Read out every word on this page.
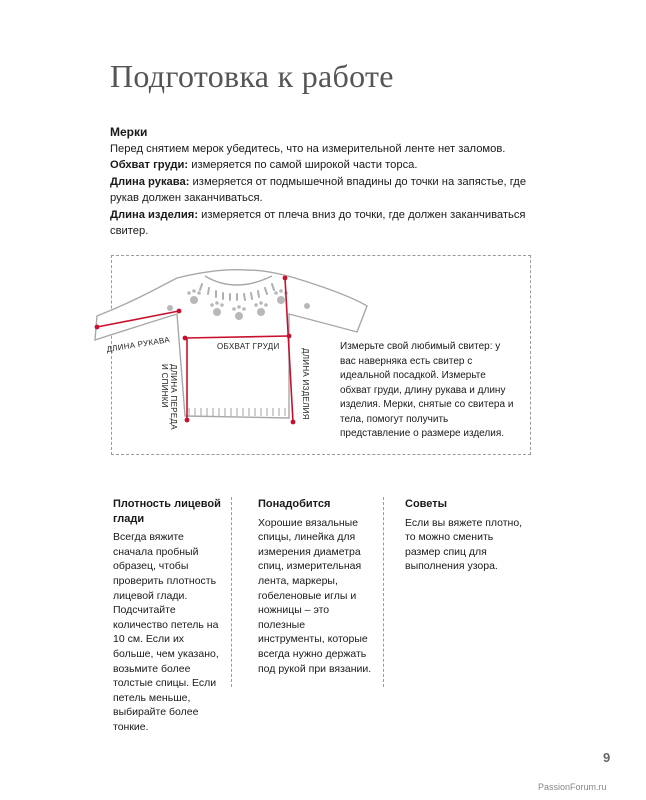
Подготовка к работе
Мерки
Перед снятием мерок убедитесь, что на измерительной ленте нет заломов.
Обхват груди: измеряется по самой широкой части торса.
Длина рукава: измеряется от подмышечной впадины до точки на запястье, где рукав должен заканчиваться.
Длина изделия: измеряется от плеча вниз до точки, где должен заканчиваться свитер.
ДЛИНА РУКАВА	ОБХВАТ ГРУДИ
ДЛИНА ПЕРЕДА
И СПИНКИ	ДЛИНА ИЗДЕЛИЯ
Измерьте свой любимый свитер: у вас наверняка есть свитер с идеальной посадкой. Измерьте обхват груди, длину рукава и длину изделия. Мерки, снятые со свитера и тела, помогут получить представление о размере изделия.
Плотность лицевой глади
Всегда вяжите сначала пробный образец, чтобы проверить плотность лицевой глади. Подсчитайте количество петель на 10 см. Если их больше, чем указано, возьмите более толстые спицы. Если петель меньше, выбирайте более тонкие.
Понадобится
Хорошие вязальные спицы, линейка для измерения диаметра спиц, измерительная лента, маркеры, гобеленовые иглы и ножницы – это полезные инструменты, которые всегда нужно держать под рукой при вязании.
Советы
Если вы вяжете плотно, то можно сменить размер спиц для выполнения узора.
9
PassionForum.ru
